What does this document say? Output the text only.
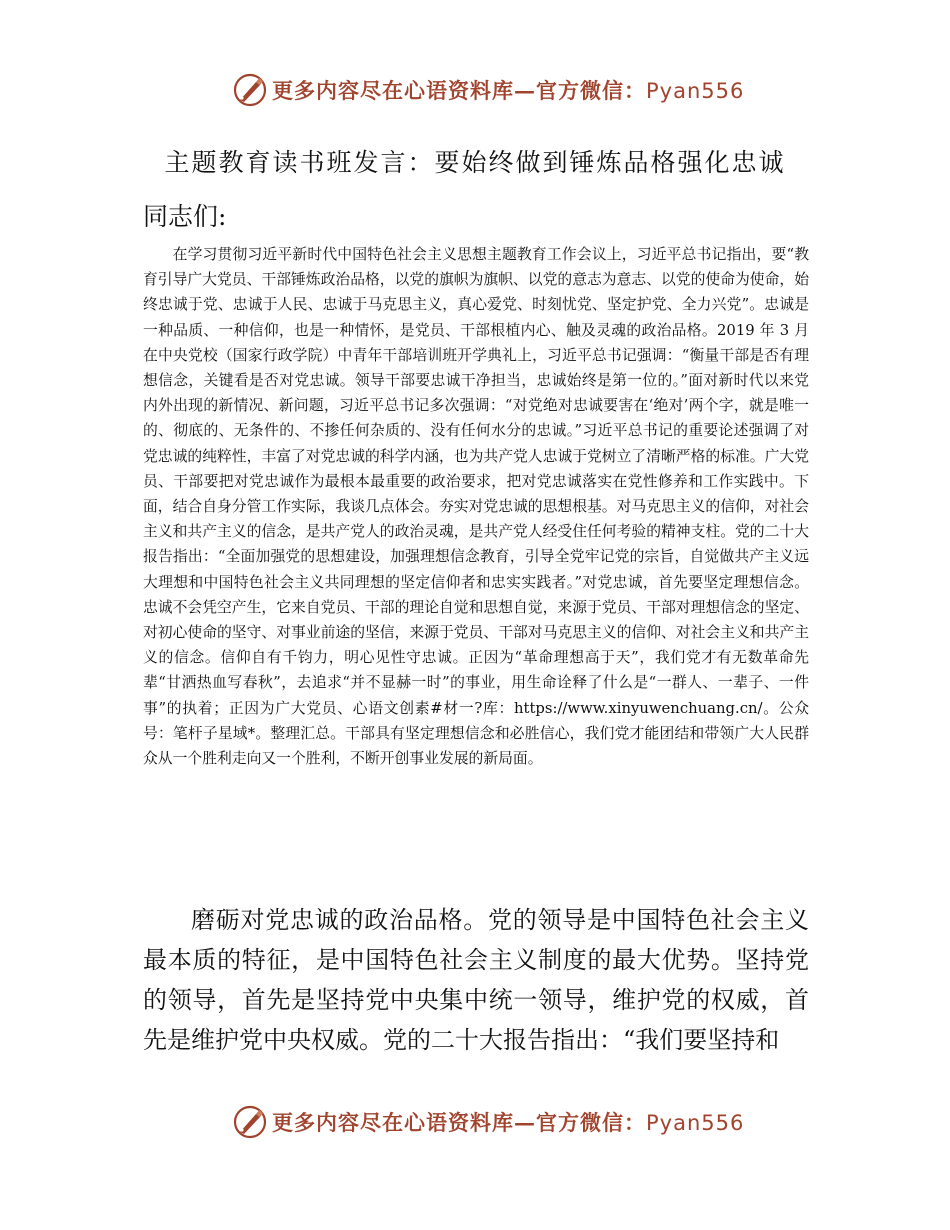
更多内容尽在心语资料库—官方微信：Pyan556
主题教育读书班发言：要始终做到锤炼品格强化忠诚
同志们:

在学习贯彻习近平新时代中国特色社会主义思想主题教育工作会议上，习近平总书记指出，要“教育引导广大党员、干部锤炼政治品格，以党的旗帜为旗帜、以党的意志为意志、以党的使命为使命，始终忠诚于党、忠诚于人民、忠诚于马克思主义，真心爱党、时刻忧党、坚定护党、全力兴党”。忠诚是一种品质、一种信仰，也是一种情怀，是党员、干部根植内心、触及灵魂的政治品格。2019 年 3 月在中央党校（国家行政学院）中青年干部培训班开学典礼上，习近平总书记强调：“衡量干部是否有理想信念，关键看是否对党忠诚。领导干部要忠诚干净担当，忠诚始终是第一位的。”面对新时代以来党内外出现的新情况、新问题，习近平总书记多次强调：“对党绝对忠诚要害在‘绝对’两个字，就是唯一的、彻底的、无条件的、不掺任何杂质的、没有任何水分的忠诚。”习近平总书记的重要论述强调了对党忠诚的纯粹性，丰富了对党忠诚的科学内涵，也为共产党人忠诚于党树立了清晰严格的标准。广大党员、干部要把对党忠诚作为最根本最重要的政治要求，把对党忠诚落实在党性修养和工作实践中。下面，结合自身分管工作实际，我谈几点体会。夯实对党忠诚的思想根基。对马克思主义的信仰，对社会主义和共产主义的信念，是共产党人的政治灵魂，是共产党人经受住任何考验的精神支柱。党的二十大报告指出：“全面加强党的思想建设，加强理想信念教育，引导全党牢记党的宗旨，自觉做共产主义远大理想和中国特色社会主义共同理想的坚定信仰者和忠实实践者。”对党忠诚，首先要坚定理想信念。忠诚不会凭空产生，它来自党员、干部的理论自觉和思想自觉，来源于党员、干部对理想信念的坚定、对初心使命的坚守、对事业前途的坚信，来源于党员、干部对马克思主义的信仰、对社会主义和共产主义的信念。信仰自有千钧力，明心见性守忠诚。正因为“革命理想高于天”，我们党才有无数革命先辈“甘洒热血写春秋”，去追求“并不显赫一时”的事业，用生命诠释了什么是“一群人、一辈子、一件事”的执着；正因为广大党员、心语文创素#材一?库：https://www.xinyuwenchuang.cn/。公众号：笔杆子星域*。整理汇总。干部具有坚定理想信念和必胜信心，我们党才能团结和带领广大人民群众从一个胜利走向又一个胜利，不断开创事业发展的新局面。

磨砺对党忠诚的政治品格。党的领导是中国特色社会主义最本质的特征，是中国特色社会主义制度的最大优势。坚持党的领导，首先是坚持党中央集中统一领导，维护党的权威，首先是维护党中央权威。党的二十大报告指出：“我们要坚持和

更多内容尽在心语资料库—官方微信：Pyan556
